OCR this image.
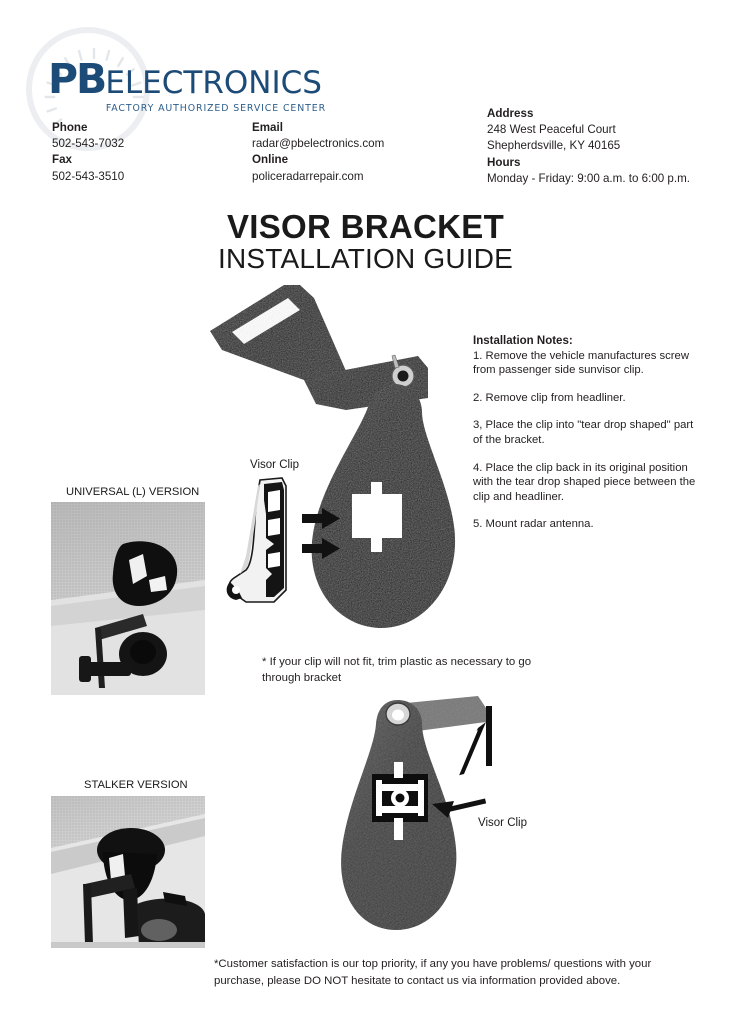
PBELECTRONICS
FACTORY AUTHORIZED SERVICE CENTER
Phone
502-543-7032
Fax
502-543-3510
Email
radar@pbelectronics.com
Online
policeradarrepair.com
Address
248 West Peaceful Court
Shepherdsville, KY 40165
Hours
Monday - Friday: 9:00 a.m. to 6:00 p.m.
VISOR BRACKET
INSTALLATION GUIDE
UNIVERSAL (L) VERSION
STALKER VERSION
Visor Clip
Visor Clip
Installation Notes:

1. Remove the vehicle manufactures screw from passenger side sunvisor clip.

2. Remove clip from headliner.

3, Place the clip into "tear drop shaped" part of the bracket.

4. Place the clip back in its original position with the tear drop shaped piece between the clip and headliner.

5. Mount radar antenna.

* If your clip will not fit, trim plastic as necessary to go through bracket
*Customer satisfaction is our top priority, if any you have problems/ questions with your purchase, please DO NOT hesitate to contact us via information provided above.
